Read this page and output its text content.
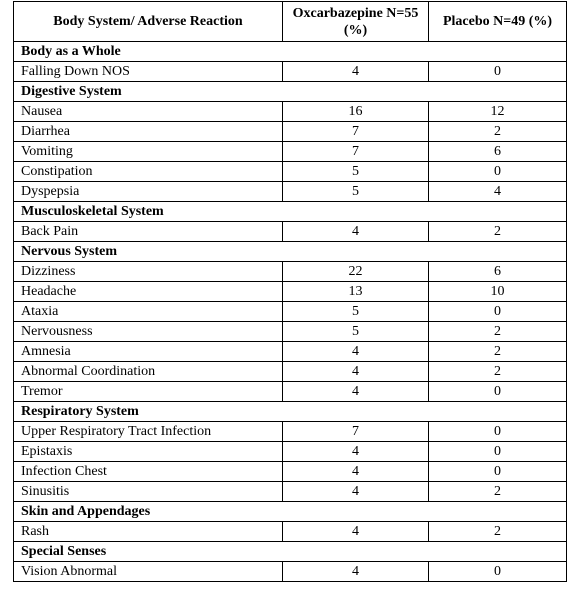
Body System/ Adverse Reaction	Oxcarbazepine N=55 (%)	Placebo N=49 (%)
Body as a Whole		
Falling Down NOS	4	0
Digestive System		
Nausea	16	12
Diarrhea	7	2
Vomiting	7	6
Constipation	5	0
Dyspepsia	5	4
Musculoskeletal System		
Back Pain	4	2
Nervous System		
Dizziness	22	6
Headache	13	10
Ataxia	5	0
Nervousness	5	2
Amnesia	4	2
Abnormal Coordination	4	2
Tremor	4	0
Respiratory System		
Upper Respiratory Tract Infection	7	0
Epistaxis	4	0
Infection Chest	4	0
Sinusitis	4	2
Skin and Appendages		
Rash	4	2
Special Senses		
Vision Abnormal	4	0
